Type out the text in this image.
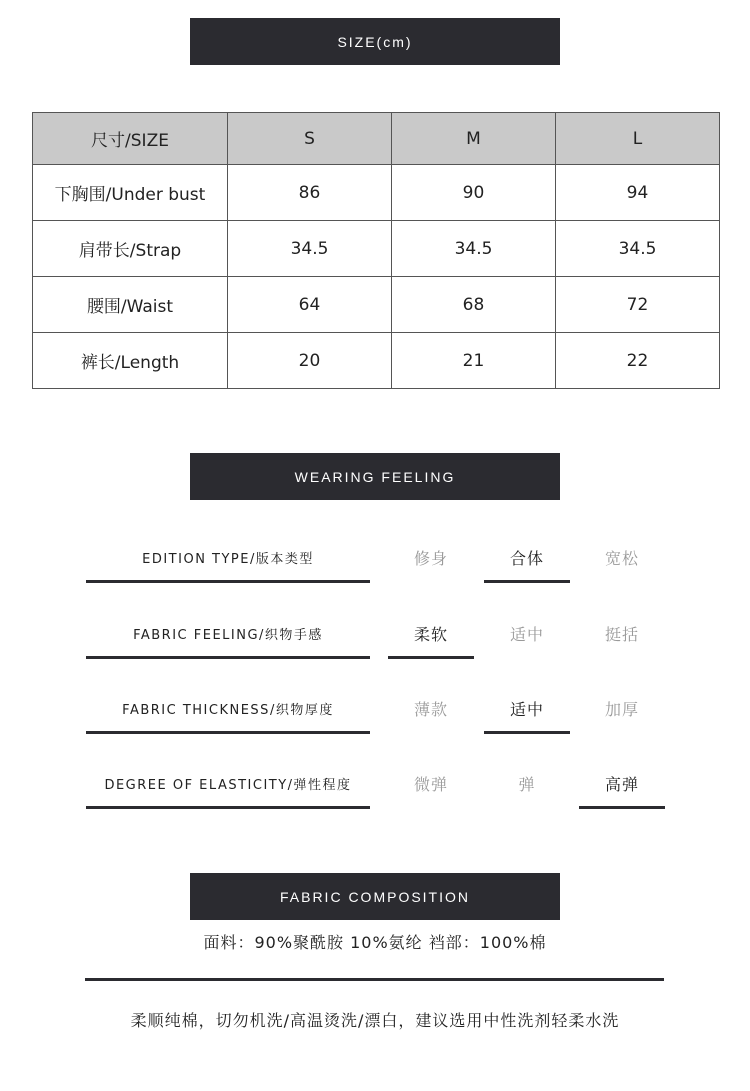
SIZE(cm)
尺寸/SIZE	S	M	L
下胸围/Under bust	86	90	94
肩带长/Strap	34.5	34.5	34.5
腰围/Waist	64	68	72
裤长/Length	20	21	22
WEARING FEELING
EDITION TYPE/版本类型	修身	合体	宽松
FABRIC FEELING/织物手感	柔软	适中	挺括
FABRIC THICKNESS/织物厚度	薄款	适中	加厚
DEGREE OF ELASTICITY/弹性程度	微弹	弹	高弹
FABRIC COMPOSITION
面料：90%聚酰胺 10%氨纶 裆部：100%棉
柔顺纯棉，切勿机洗/高温烫洗/漂白，建议选用中性洗剂轻柔水洗
